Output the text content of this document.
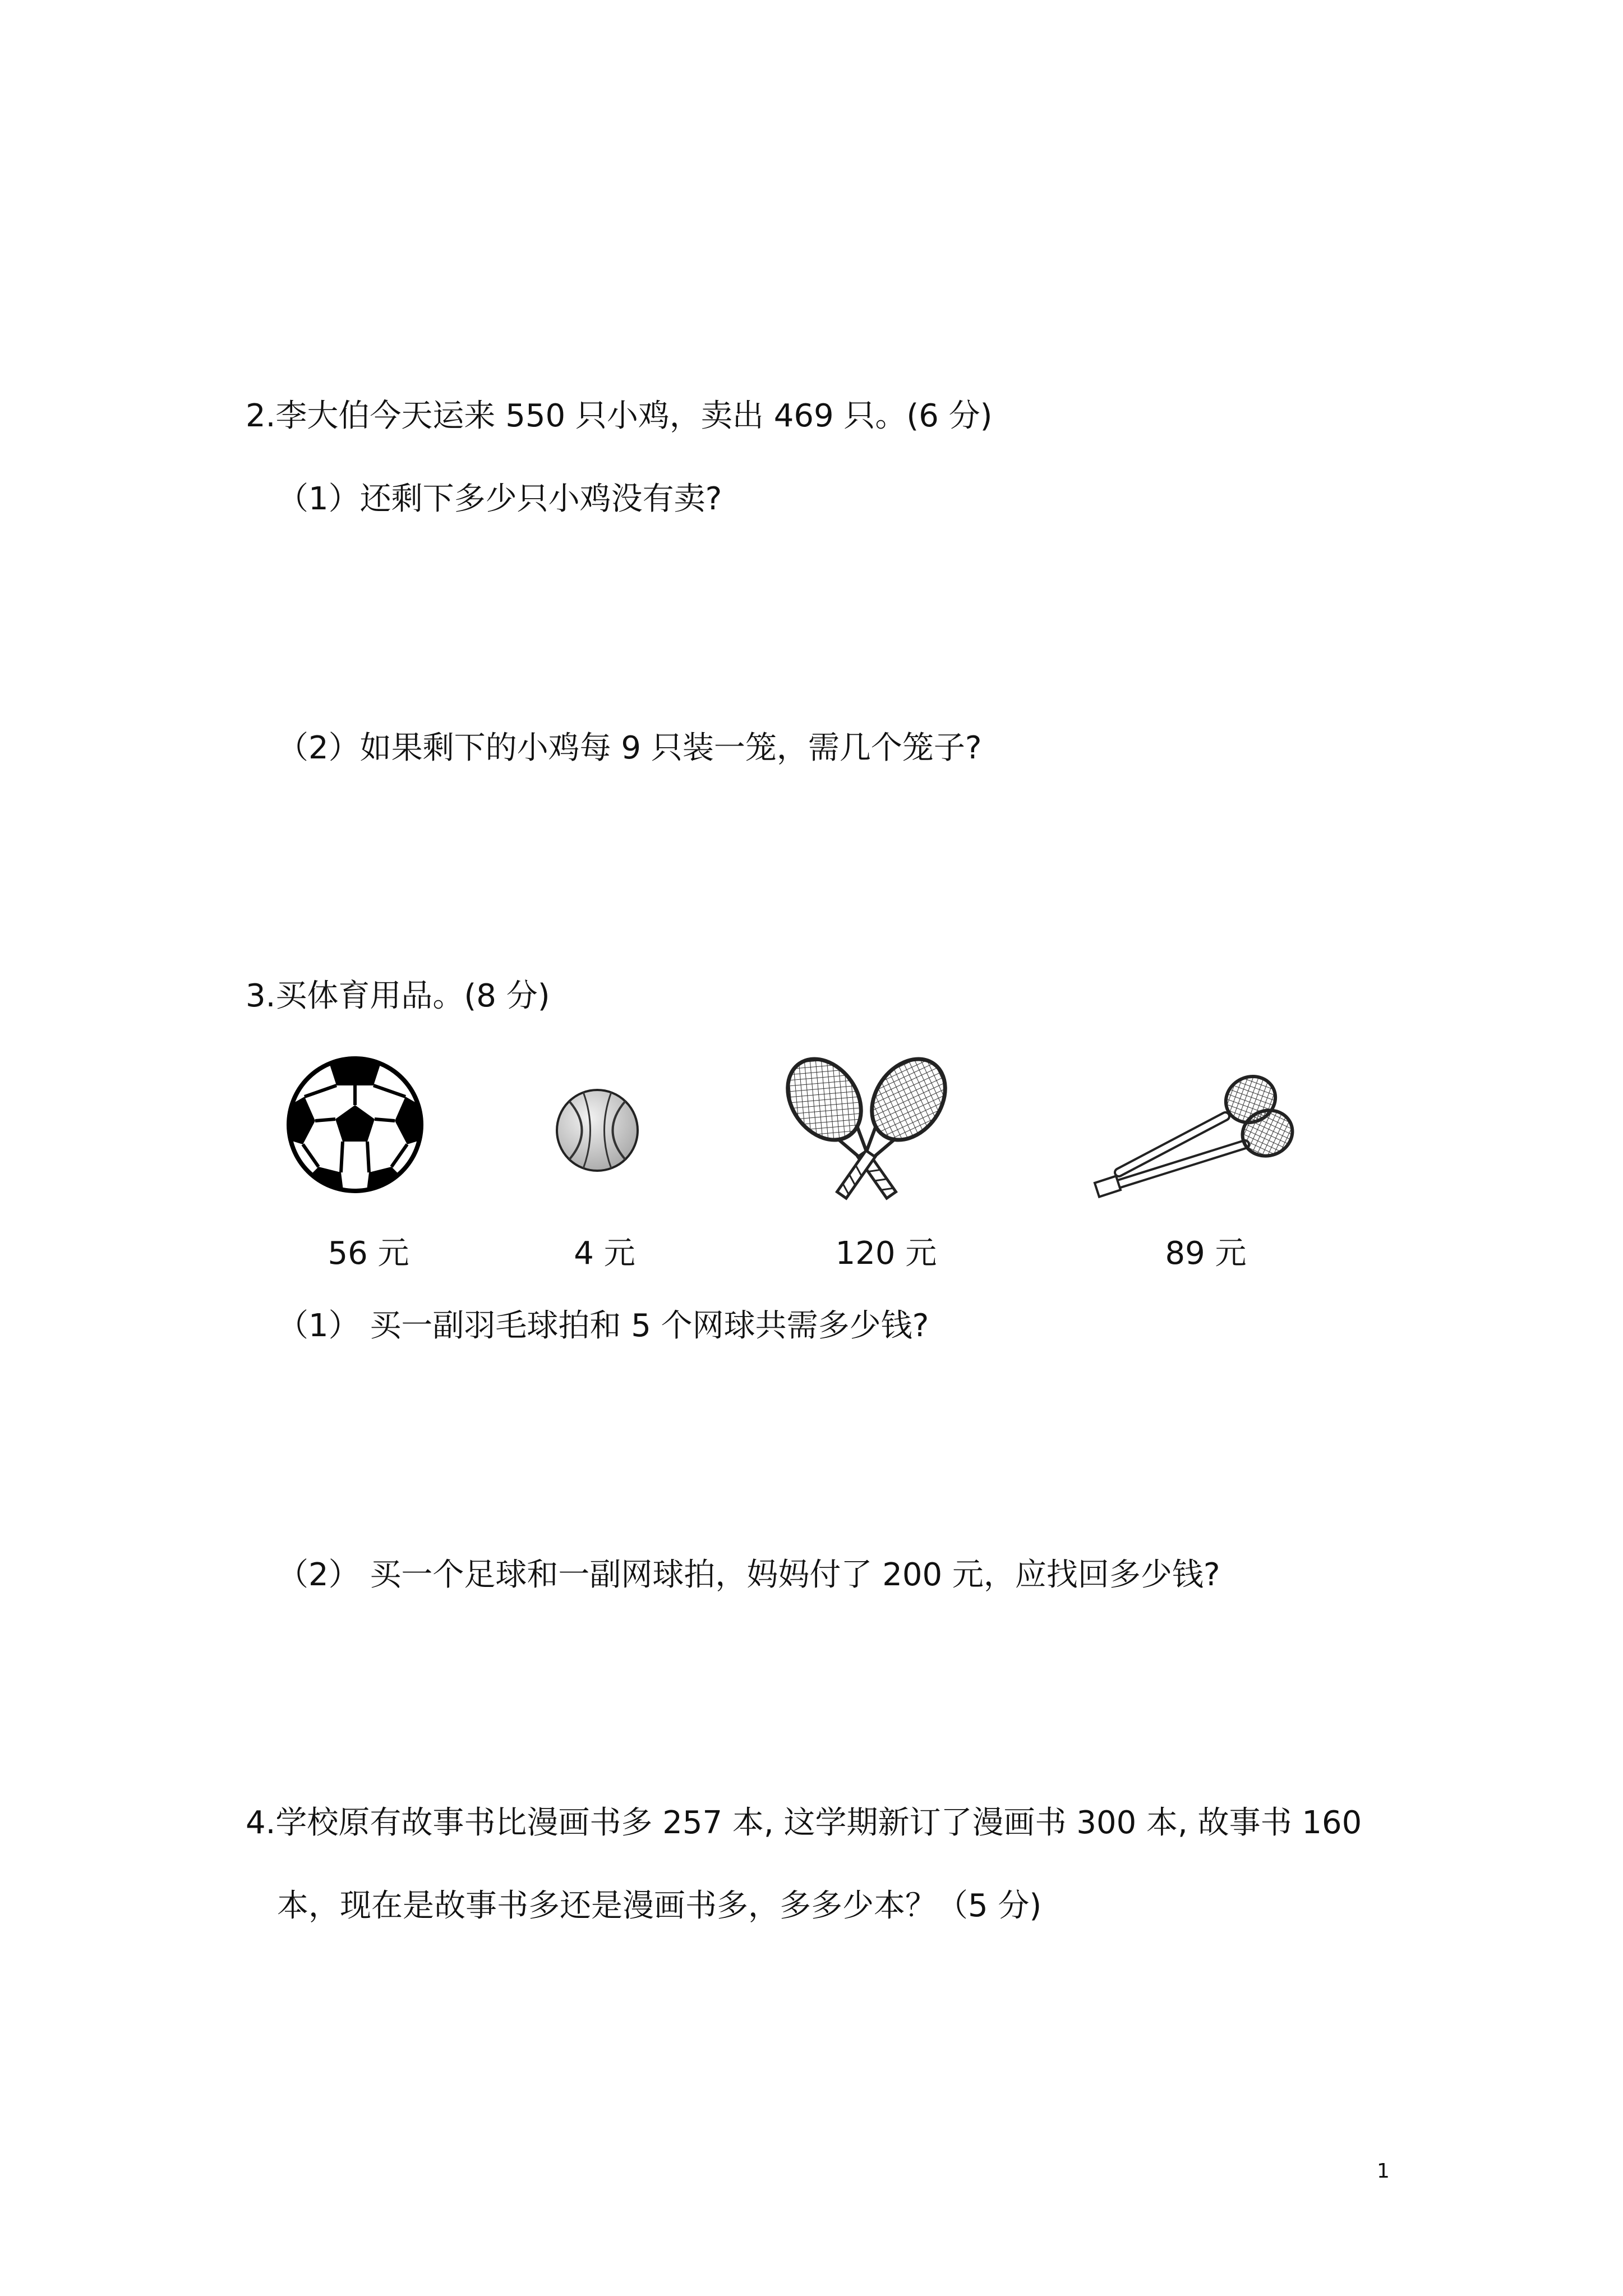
2.李大伯今天运来 550 只小鸡，卖出 469 只。(6 分)
（1）还剩下多少只小鸡没有卖?
（2）如果剩下的小鸡每 9 只装一笼，需几个笼子?
3.买体育用品。(8 分)
56 元	4 元	120 元	89 元
（1） 买一副羽毛球拍和 5 个网球共需多少钱?
（2） 买一个足球和一副网球拍，妈妈付了 200 元，应找回多少钱?
4.学校原有故事书比漫画书多 257 本, 这学期新订了漫画书 300 本, 故事书 160
本，现在是故事书多还是漫画书多，多多少本？（5 分)
1
